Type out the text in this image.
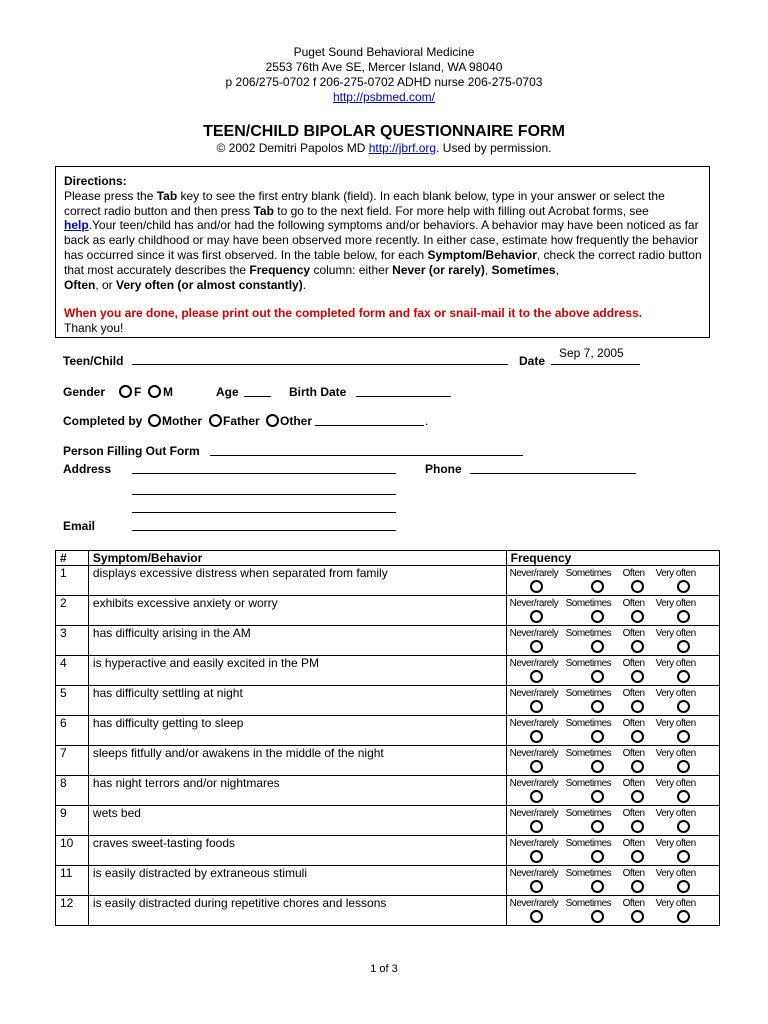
Puget Sound Behavioral Medicine
2553 76th Ave SE, Mercer Island, WA 98040
p 206/275-0702 f 206-275-0702 ADHD nurse 206-275-0703
http://psbmed.com/
TEEN/CHILD BIPOLAR QUESTIONNAIRE FORM
© 2002 Demitri Papolos MD http://jbrf.org. Used by permission.
Directions:
Please press the Tab key to see the first entry blank (field). In each blank below, type in your answer or select the correct radio button and then press Tab to go to the next field. For more help with filling out Acrobat forms, see help.Your teen/child has and/or had the following symptoms and/or behaviors. A behavior may have been noticed as far back as early childhood or may have been observed more recently. In either case, estimate how frequently the behavior has occurred since it was first observed. In the table below, for each Symptom/Behavior, check the correct radio button that most accurately describes the Frequency column: either Never (or rarely), Sometimes,
Often, or Very often (or almost constantly).
When you are done, please print out the completed form and fax or snail-mail it to the above address.
Thank you!
Teen/Child	Date
Sep 7, 2005
Gender F M	Age	Birth Date
Completed by Mother Father Other	.
Person Filling Out Form
Address	Phone
Email
#	Symptom/Behavior	Frequency
1	displays excessive distress when separated from family	Never/rarely Sometimes Often Very often

2	exhibits excessive anxiety or worry	Never/rarely Sometimes Often Very often

3	has difficulty arising in the AM	Never/rarely Sometimes Often Very often

4	is hyperactive and easily excited in the PM	Never/rarely Sometimes Often Very often

5	has difficulty settling at night	Never/rarely Sometimes Often Very often

6	has difficulty getting to sleep	Never/rarely Sometimes Often Very often

7	sleeps fitfully and/or awakens in the middle of the night	Never/rarely Sometimes Often Very often

8	has night terrors and/or nightmares	Never/rarely Sometimes Often Very often

9	wets bed	Never/rarely Sometimes Often Very often

10	craves sweet-tasting foods	Never/rarely Sometimes Often Very often

11	is easily distracted by extraneous stimuli	Never/rarely Sometimes Often Very often

12	is easily distracted during repetitive chores and lessons	Never/rarely Sometimes Often Very often
1 of 3
